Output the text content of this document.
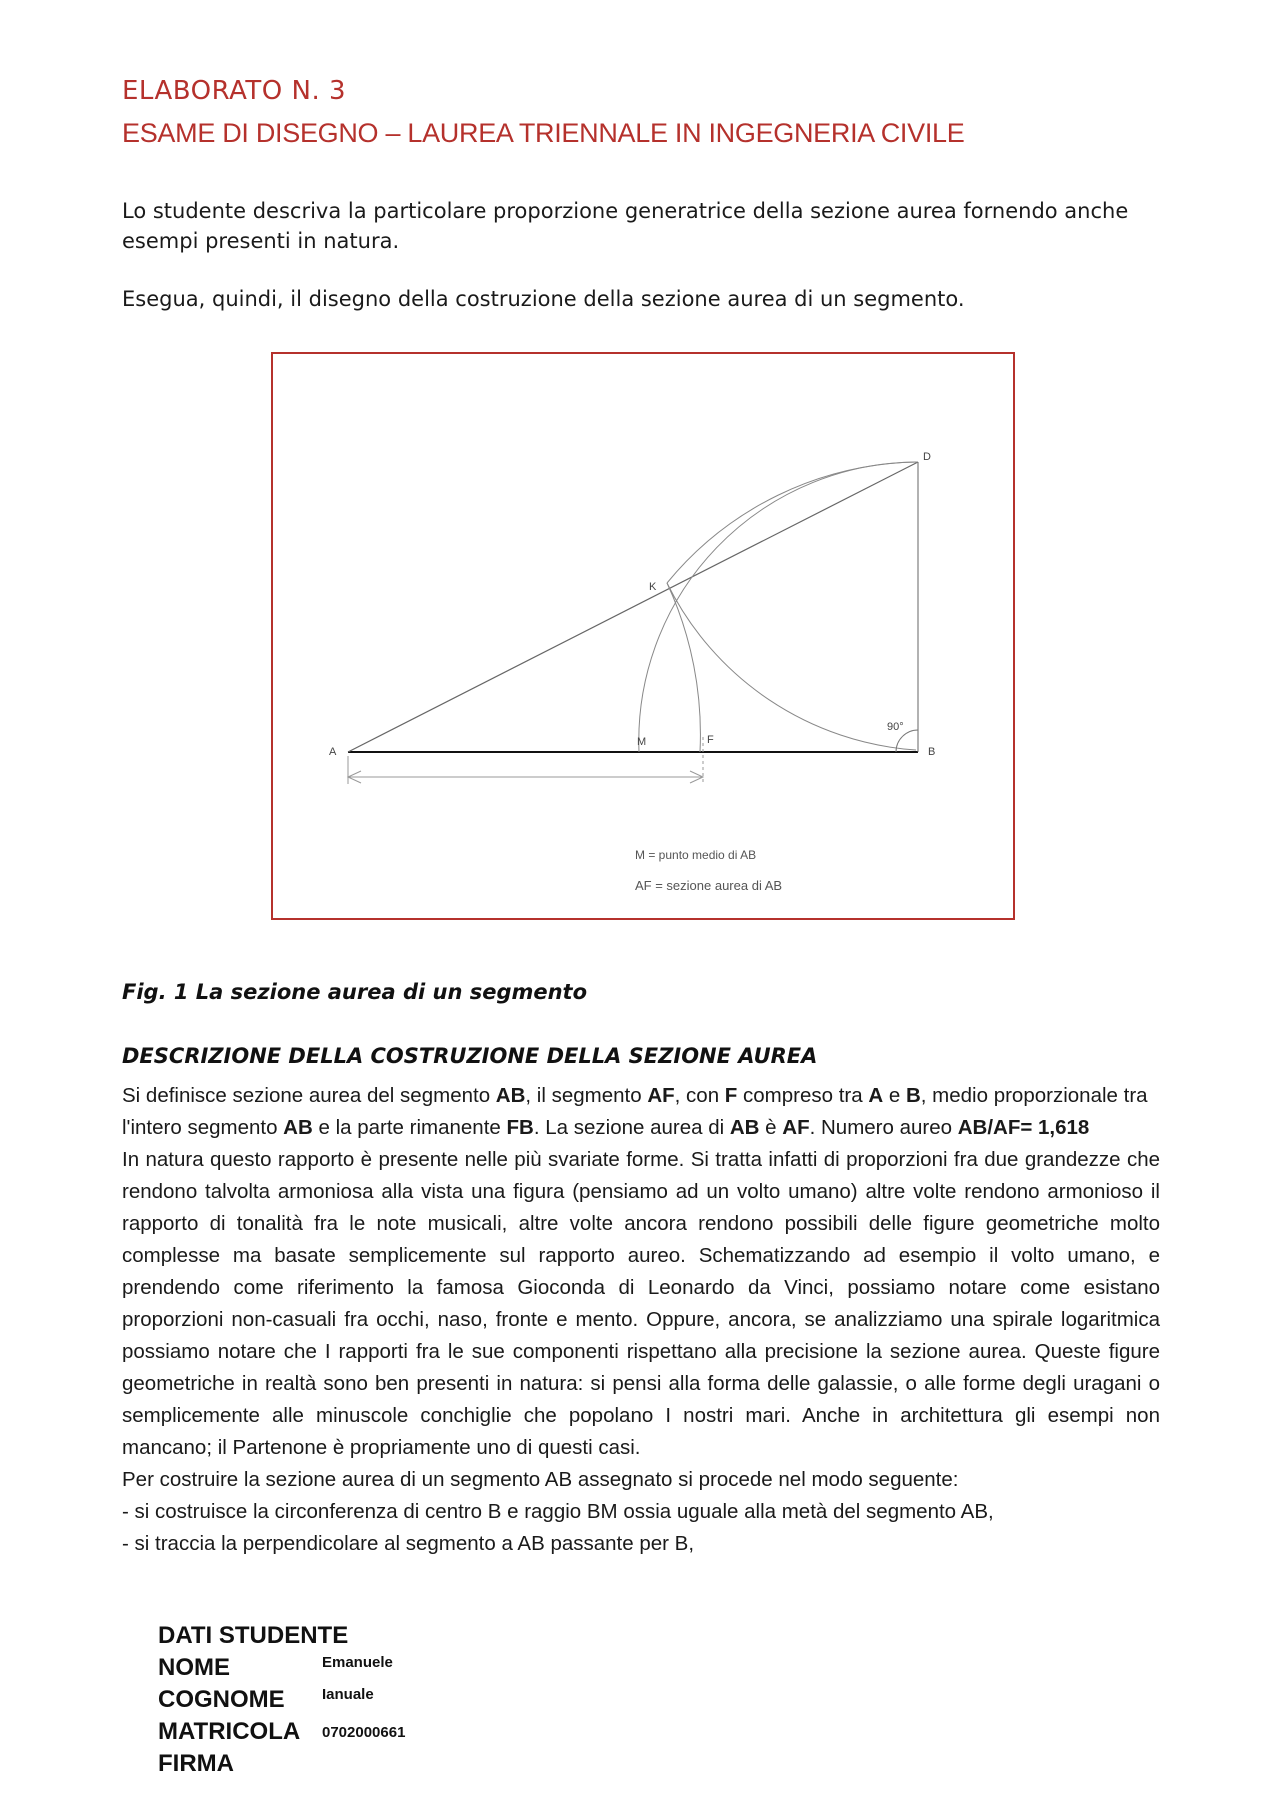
ELABORATO N. 3
ESAME DI DISEGNO – LAUREA TRIENNALE IN INGEGNERIA CIVILE

Lo studente descriva la particolare proporzione generatrice della sezione aurea fornendo anche esempi presenti in natura.

Esegua, quindi, il disegno della costruzione della sezione aurea di un segmento.

A	B
D
K
M	F
90°
M = punto medio di AB
AF = sezione aurea di AB

Fig. 1 La sezione aurea di un segmento

DESCRIZIONE DELLA COSTRUZIONE DELLA SEZIONE AUREA

Si definisce sezione aurea del segmento AB, il segmento AF, con F compreso tra A e B, medio proporzionale tra l'intero segmento AB e la parte rimanente FB. La sezione aurea di AB è AF. Numero aureo AB/AF= 1,618

In natura questo rapporto è presente nelle più svariate forme. Si tratta infatti di proporzioni fra due grandezze che rendono talvolta armoniosa alla vista una figura (pensiamo ad un volto umano) altre volte rendono armonioso il rapporto di tonalità fra le note musicali, altre volte ancora rendono possibili delle figure geometriche molto complesse ma basate semplicemente sul rapporto aureo. Schematizzando ad esempio il volto umano, e prendendo come riferimento la famosa Gioconda di Leonardo da Vinci, possiamo notare come esistano proporzioni non-casuali fra occhi, naso, fronte e mento. Oppure, ancora, se analizziamo una spirale logaritmica possiamo notare che I rapporti fra le sue componenti rispettano alla precisione la sezione aurea. Queste figure geometriche in realtà sono ben presenti in natura: si pensi alla forma delle galassie, o alle forme degli uragani o semplicemente alle minuscole conchiglie che popolano I nostri mari. Anche in architettura gli esempi non mancano; il Partenone è propriamente uno di questi casi.

Per costruire la sezione aurea di un segmento AB assegnato si procede nel modo seguente:

- si costruisce la circonferenza di centro B e raggio BM ossia uguale alla metà del segmento AB,

- si traccia la perpendicolare al segmento a AB passante per B,

DATI STUDENTE
NOME	Emanuele
COGNOME Ianuale
MATRICOLA 0702000661
FIRMA
